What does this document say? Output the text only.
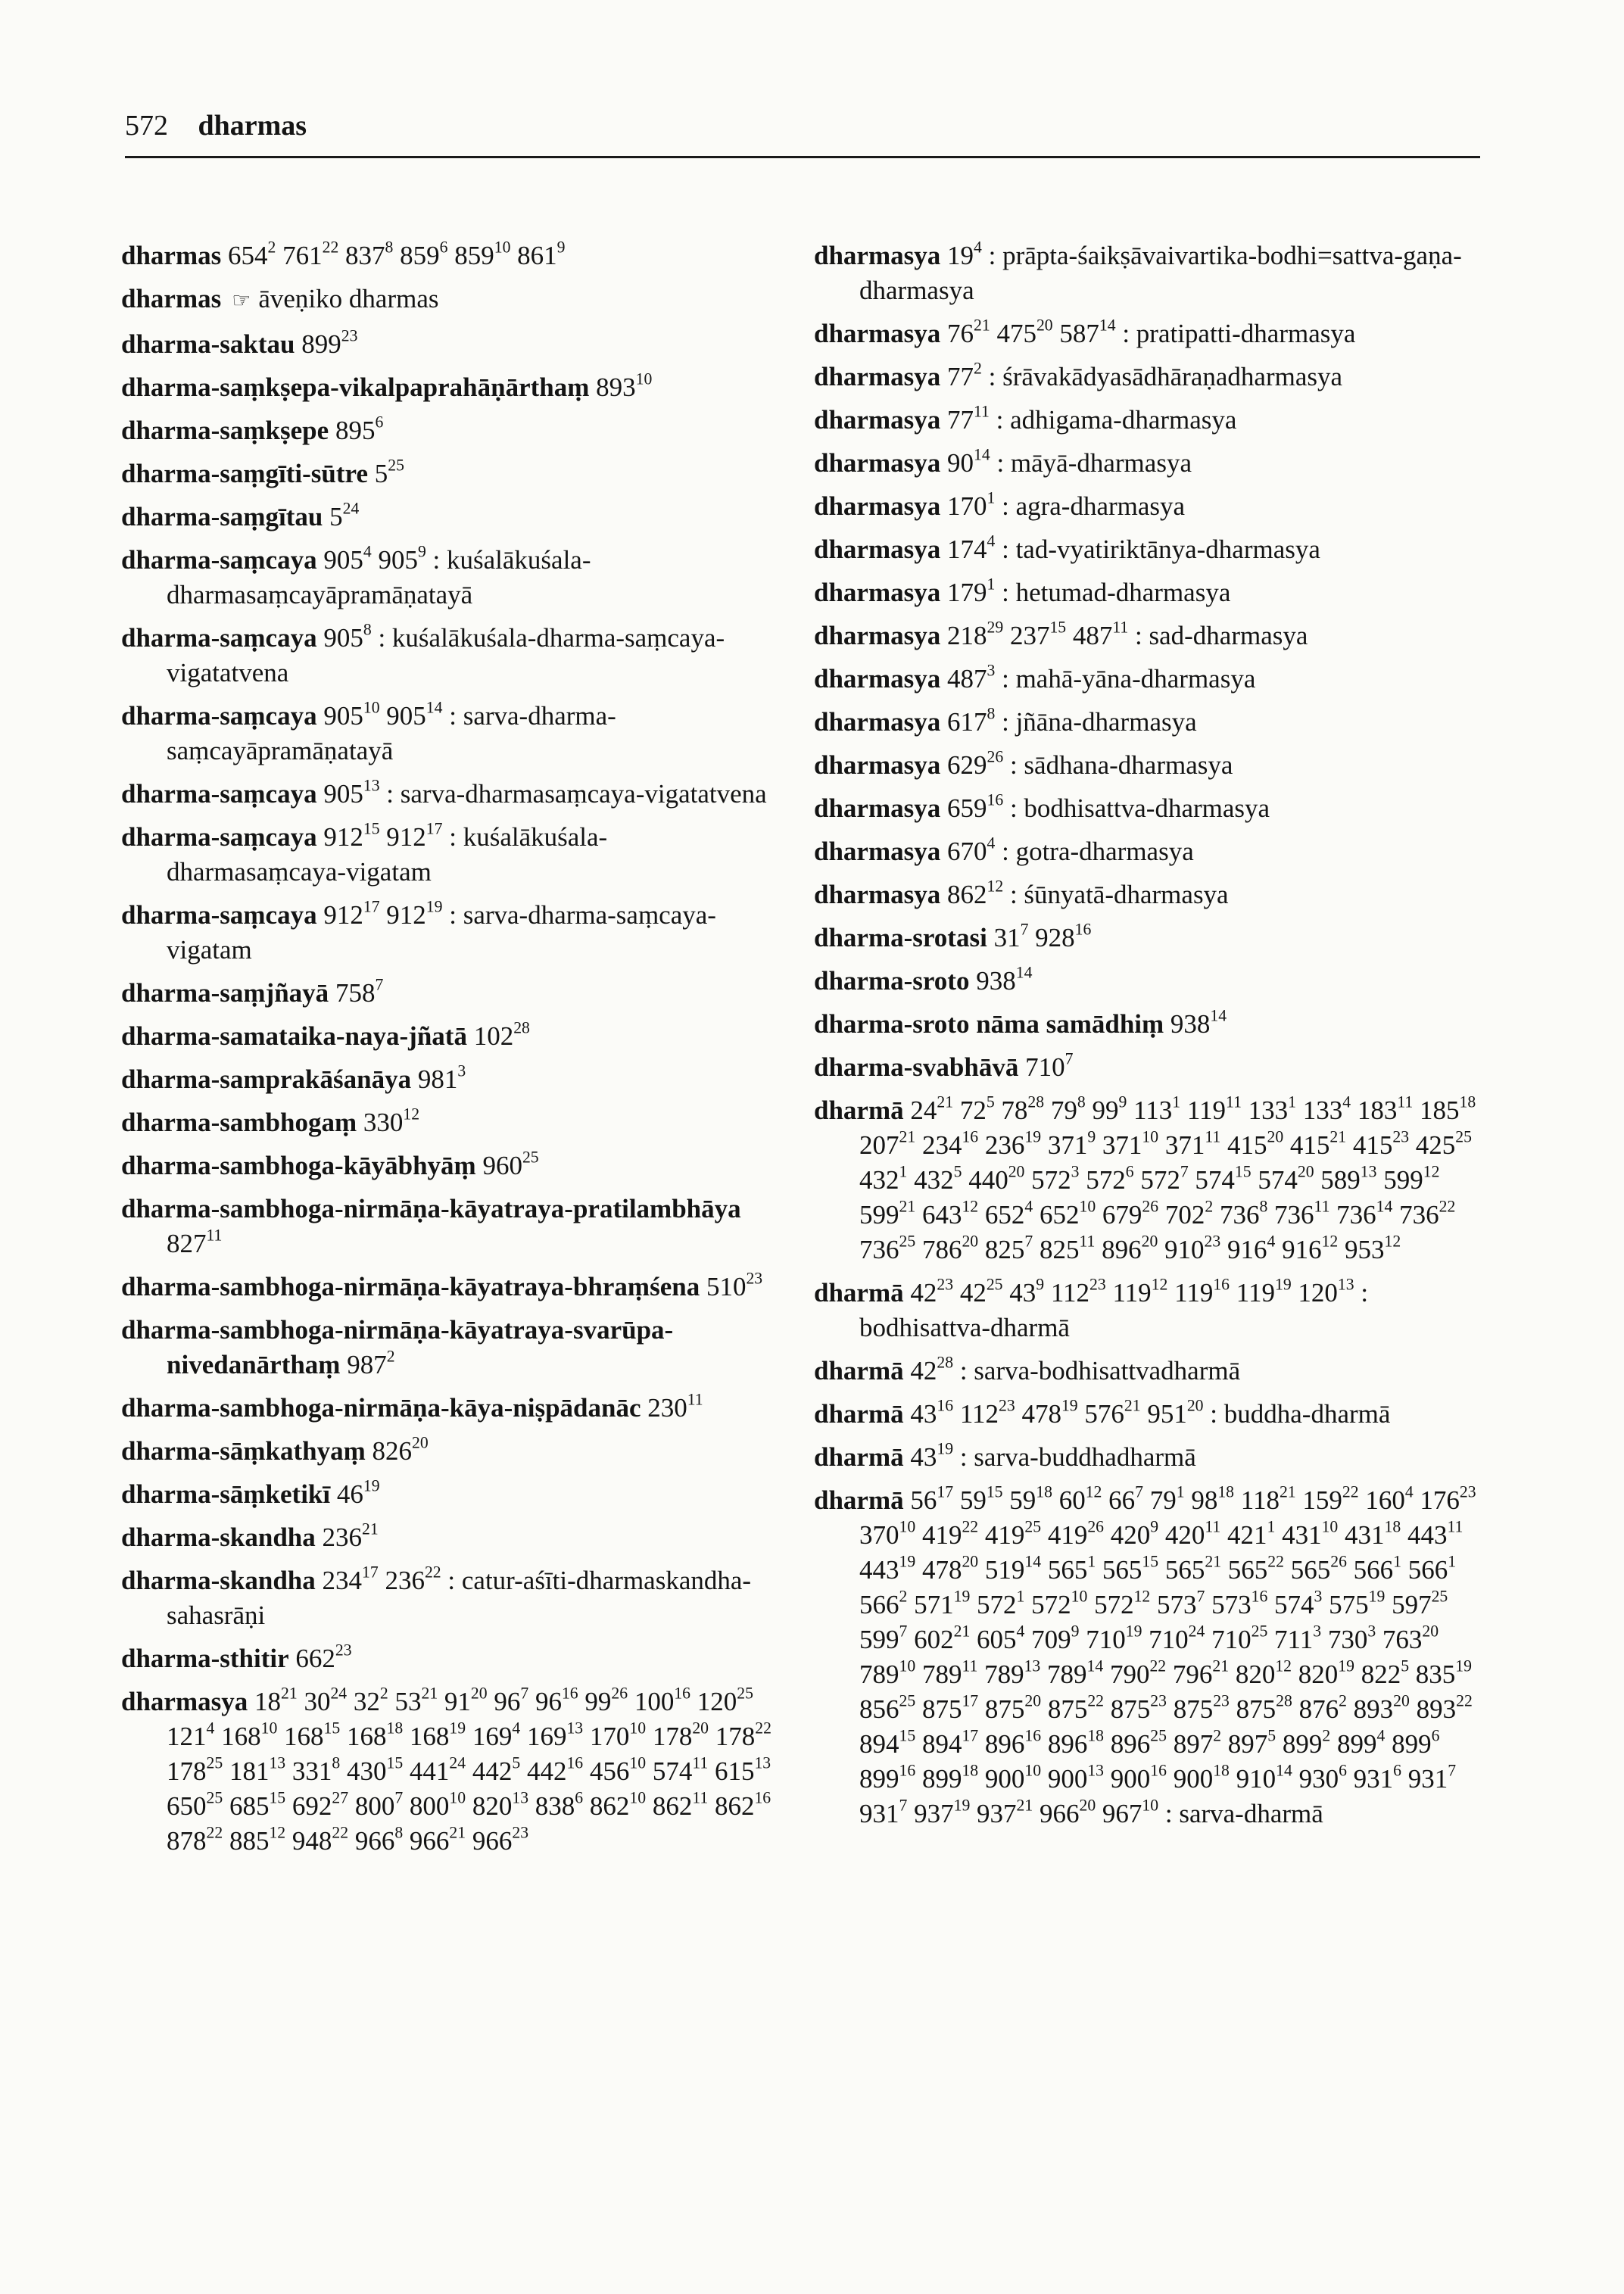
572 dharmas
dharmas $654^2$ $761^{22}$ $837^8$ $859^6$ $859^{10}$ $861^9$
dharmas ☞ āveṇiko dharmas
dharma-saktau $899^{23}$
dharma-saṃkṣepa-vikalpaprahāṇārthaṃ $893^{10}$
dharma-saṃkṣepe $895^6$
dharma-saṃgīti-sūtre $5^{25}$
dharma-saṃgītau $5^{24}$
dharma-saṃcaya $905^4$ $905^9$ : kuśalākuśala-dharmasaṃcayāpramāṇatayā
dharma-saṃcaya $905^8$ : kuśalākuśala-dharma-saṃcaya-vigatatvena
dharma-saṃcaya $905^{10}$ $905^{14}$ : sarva-dharma-saṃcayāpramāṇatayā
dharma-saṃcaya $905^{13}$ : sarva-dharmasaṃcaya-vigatatvena
dharma-saṃcaya $912^{15}$ $912^{17}$ : kuśalākuśala-dharmasaṃcaya-vigatam
dharma-saṃcaya $912^{17}$ $912^{19}$ : sarva-dharma-saṃcaya-vigatam
dharma-saṃjñayā $758^7$
dharma-samataika-naya-jñatā $102^{28}$
dharma-samprakāśanāya $981^3$
dharma-sambhogaṃ $330^{12}$
dharma-sambhoga-kāyābhyāṃ $960^{25}$
dharma-sambhoga-nirmāṇa-kāyatraya-pratilambhāya $827^{11}$
dharma-sambhoga-nirmāṇa-kāyatraya-bhraṃśena $510^{23}$
dharma-sambhoga-nirmāṇa-kāyatraya-svarūpa-nivedanārthaṃ $987^2$
dharma-sambhoga-nirmāṇa-kāya-niṣpādanāc $230^{11}$
dharma-sāṃkathyaṃ $826^{20}$
dharma-sāṃketikī $46^{19}$
dharma-skandha $236^{21}$
dharma-skandha $234^{17}$ $236^{22}$ : catur-aśīti-dharmaskandha-sahasrāṇi
dharma-sthitir $662^{23}$
dharmasya $18^{21}$ $30^{24}$ $32^2$ $53^{21}$ $91^{20}$ $96^7$ $96^{16}$ $99^{26}$ $100^{16}$ $120^{25}$ $121^4$ $168^{10}$ $168^{15}$ $168^{18}$ $168^{19}$ $169^4$ $169^{13}$ $170^{10}$ $178^{20}$ $178^{22}$ $178^{25}$ $181^{13}$ $331^8$ $430^{15}$ $441^{24}$ $442^5$ $442^{16}$ $456^{10}$ $574^{11}$ $615^{13}$ $650^{25}$ $685^{15}$ $692^{27}$ $800^7$ $800^{10}$ $820^{13}$ $838^6$ $862^{10}$ $862^{11}$ $862^{16}$ $878^{22}$ $885^{12}$ $948^{22}$ $966^8$ $966^{21}$ $966^{23}$
dharmasya $19^4$ : prāpta-śaikṣāvaivartika-bodhi=sattva-gaṇa-dharmasya
dharmasya $76^{21}$ $475^{20}$ $587^{14}$ : pratipatti-dharmasya
dharmasya $77^2$ : śrāvakādyasādhāraṇadharmasya
dharmasya $77^{11}$ : adhigama-dharmasya
dharmasya $90^{14}$ : māyā-dharmasya
dharmasya $170^1$ : agra-dharmasya
dharmasya $174^4$ : tad-vyatiriktānya-dharmasya
dharmasya $179^1$ : hetumad-dharmasya
dharmasya $218^{29}$ $237^{15}$ $487^{11}$ : sad-dharmasya
dharmasya $487^3$ : mahā-yāna-dharmasya
dharmasya $617^8$ : jñāna-dharmasya
dharmasya $629^{26}$ : sādhana-dharmasya
dharmasya $659^{16}$ : bodhisattva-dharmasya
dharmasya $670^4$ : gotra-dharmasya
dharmasya $862^{12}$ : śūnyatā-dharmasya
dharma-srotasi $31^7$ $928^{16}$
dharma-sroto $938^{14}$
dharma-sroto nāma samādhiṃ $938^{14}$
dharma-svabhāvā $710^7$
dharmā $24^{21}$ $72^5$ $78^{28}$ $79^8$ $99^9$ $113^1$ $119^{11}$ $133^1$ $133^4$ $183^{11}$ $185^{18}$ $207^{21}$ $234^{16}$ $236^{19}$ $371^9$ $371^{10}$ $371^{11}$ $415^{20}$ $415^{21}$ $415^{23}$ $425^{25}$ $432^1$ $432^5$ $440^{20}$ $572^3$ $572^6$ $572^7$ $574^{15}$ $574^{20}$ $589^{13}$ $599^{12}$ $599^{21}$ $643^{12}$ $652^4$ $652^{10}$ $679^{26}$ $702^2$ $736^8$ $736^{11}$ $736^{14}$ $736^{22}$ $736^{25}$ $786^{20}$ $825^7$ $825^{11}$ $896^{20}$ $910^{23}$ $916^4$ $916^{12}$ $953^{12}$
dharmā $42^{23}$ $42^{25}$ $43^9$ $112^{23}$ $119^{12}$ $119^{16}$ $119^{19}$ $120^{13}$ : bodhisattva-dharmā
dharmā $42^{28}$ : sarva-bodhisattvadharmā
dharmā $43^{16}$ $112^{23}$ $478^{19}$ $576^{21}$ $951^{20}$ : buddha-dharmā
dharmā $43^{19}$ : sarva-buddhadharmā
dharmā $56^{17}$ $59^{15}$ $59^{18}$ $60^{12}$ $66^7$ $79^1$ $98^{18}$ $118^{21}$ $159^{22}$ $160^4$ $176^{23}$ $370^{10}$ $419^{22}$ $419^{25}$ $419^{26}$ $420^9$ $420^{11}$ $421^1$ $431^{10}$ $431^{18}$ $443^{11}$ $443^{19}$ $478^{20}$ $519^{14}$ $565^1$ $565^{15}$ $565^{21}$ $565^{22}$ $565^{26}$ $566^1$ $566^1$ $566^2$ $571^{19}$ $572^1$ $572^{10}$ $572^{12}$ $573^7$ $573^{16}$ $574^3$ $575^{19}$ $597^{25}$ $599^7$ $602^{21}$ $605^4$ $709^9$ $710^{19}$ $710^{24}$ $710^{25}$ $711^3$ $730^3$ $763^{20}$ $789^{10}$ $789^{11}$ $789^{13}$ $789^{14}$ $790^{22}$ $796^{21}$ $820^{12}$ $820^{19}$ $822^5$ $835^{19}$ $856^{25}$ $875^{17}$ $875^{20}$ $875^{22}$ $875^{23}$ $875^{23}$ $875^{28}$ $876^2$ $893^{20}$ $893^{22}$ $894^{15}$ $894^{17}$ $896^{16}$ $896^{18}$ $896^{25}$ $897^2$ $897^5$ $899^2$ $899^4$ $899^6$ $899^{16}$ $899^{18}$ $900^{10}$ $900^{13}$ $900^{16}$ $900^{18}$ $910^{14}$ $930^6$ $931^6$ $931^7$ $931^7$ $937^{19}$ $937^{21}$ $966^{20}$ $967^{10}$ : sarva-dharmā
